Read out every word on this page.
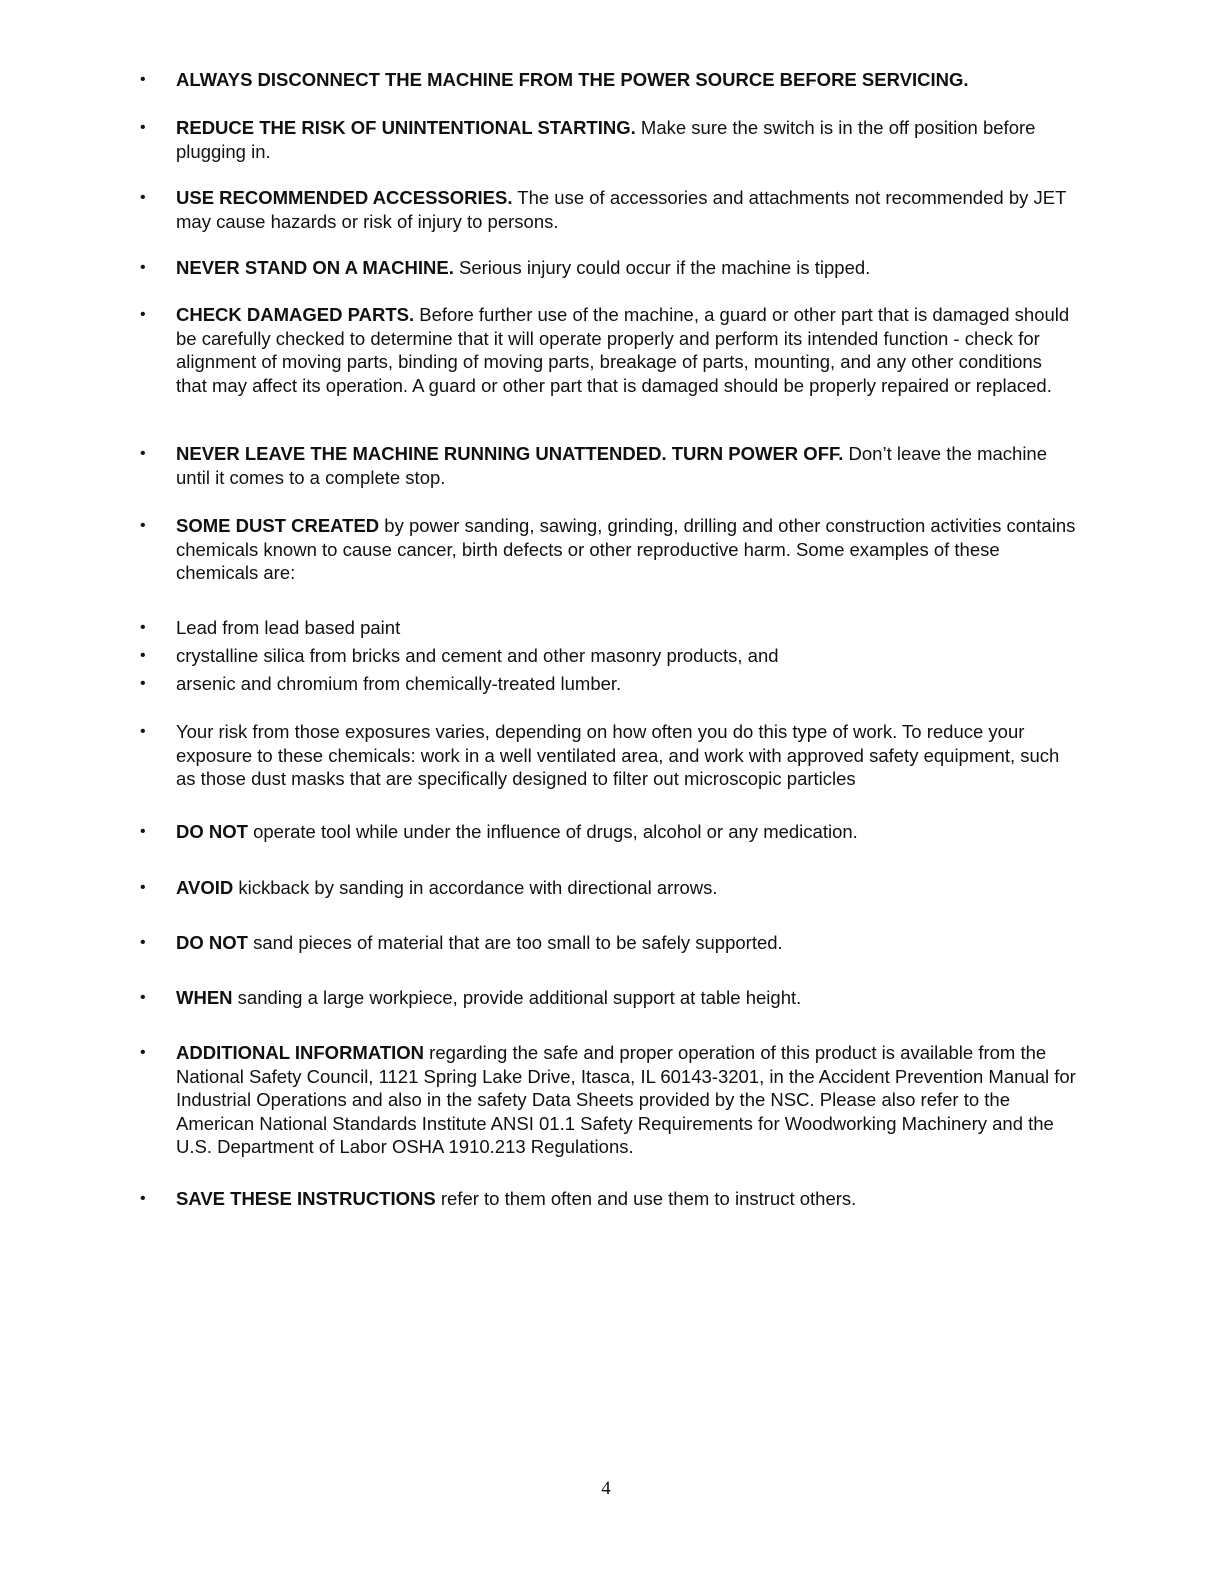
• ALWAYS DISCONNECT THE MACHINE FROM THE POWER SOURCE BEFORE SERVICING.
• REDUCE THE RISK OF UNINTENTIONAL STARTING. Make sure the switch is in the off position before plugging in.
• USE RECOMMENDED ACCESSORIES. The use of accessories and attachments not recommended by JET may cause hazards or risk of injury to persons.
• NEVER STAND ON A MACHINE. Serious injury could occur if the machine is tipped.
• CHECK DAMAGED PARTS. Before further use of the machine, a guard or other part that is damaged should be carefully checked to determine that it will operate properly and perform its intended function - check for alignment of moving parts, binding of moving parts, breakage of parts, mounting, and any other conditions that may affect its operation. A guard or other part that is damaged should be properly repaired or replaced.
• NEVER LEAVE THE MACHINE RUNNING UNATTENDED. TURN POWER OFF. Don’t leave the machine until it comes to a complete stop.
• SOME DUST CREATED by power sanding, sawing, grinding, drilling and other construction activities contains chemicals known to cause cancer, birth defects or other reproductive harm. Some examples of these chemicals are:
• Lead from lead based paint
• crystalline silica from bricks and cement and other masonry products, and
• arsenic and chromium from chemically-treated lumber.
• Your risk from those exposures varies, depending on how often you do this type of work. To reduce your exposure to these chemicals: work in a well ventilated area, and work with approved safety equipment, such as those dust masks that are specifically designed to filter out microscopic particles
• DO NOT operate tool while under the influence of drugs, alcohol or any medication.
• AVOID kickback by sanding in accordance with directional arrows.
• DO NOT sand pieces of material that are too small to be safely supported.
• WHEN sanding a large workpiece, provide additional support at table height.
• ADDITIONAL INFORMATION regarding the safe and proper operation of this product is available from the National Safety Council, 1121 Spring Lake Drive, Itasca, IL 60143-3201, in the Accident Prevention Manual for Industrial Operations and also in the safety Data Sheets provided by the NSC. Please also refer to the American National Standards Institute ANSI 01.1 Safety Requirements for Woodworking Machinery and the U.S. Department of Labor OSHA 1910.213 Regulations.
• SAVE THESE INSTRUCTIONS refer to them often and use them to instruct others.
4
